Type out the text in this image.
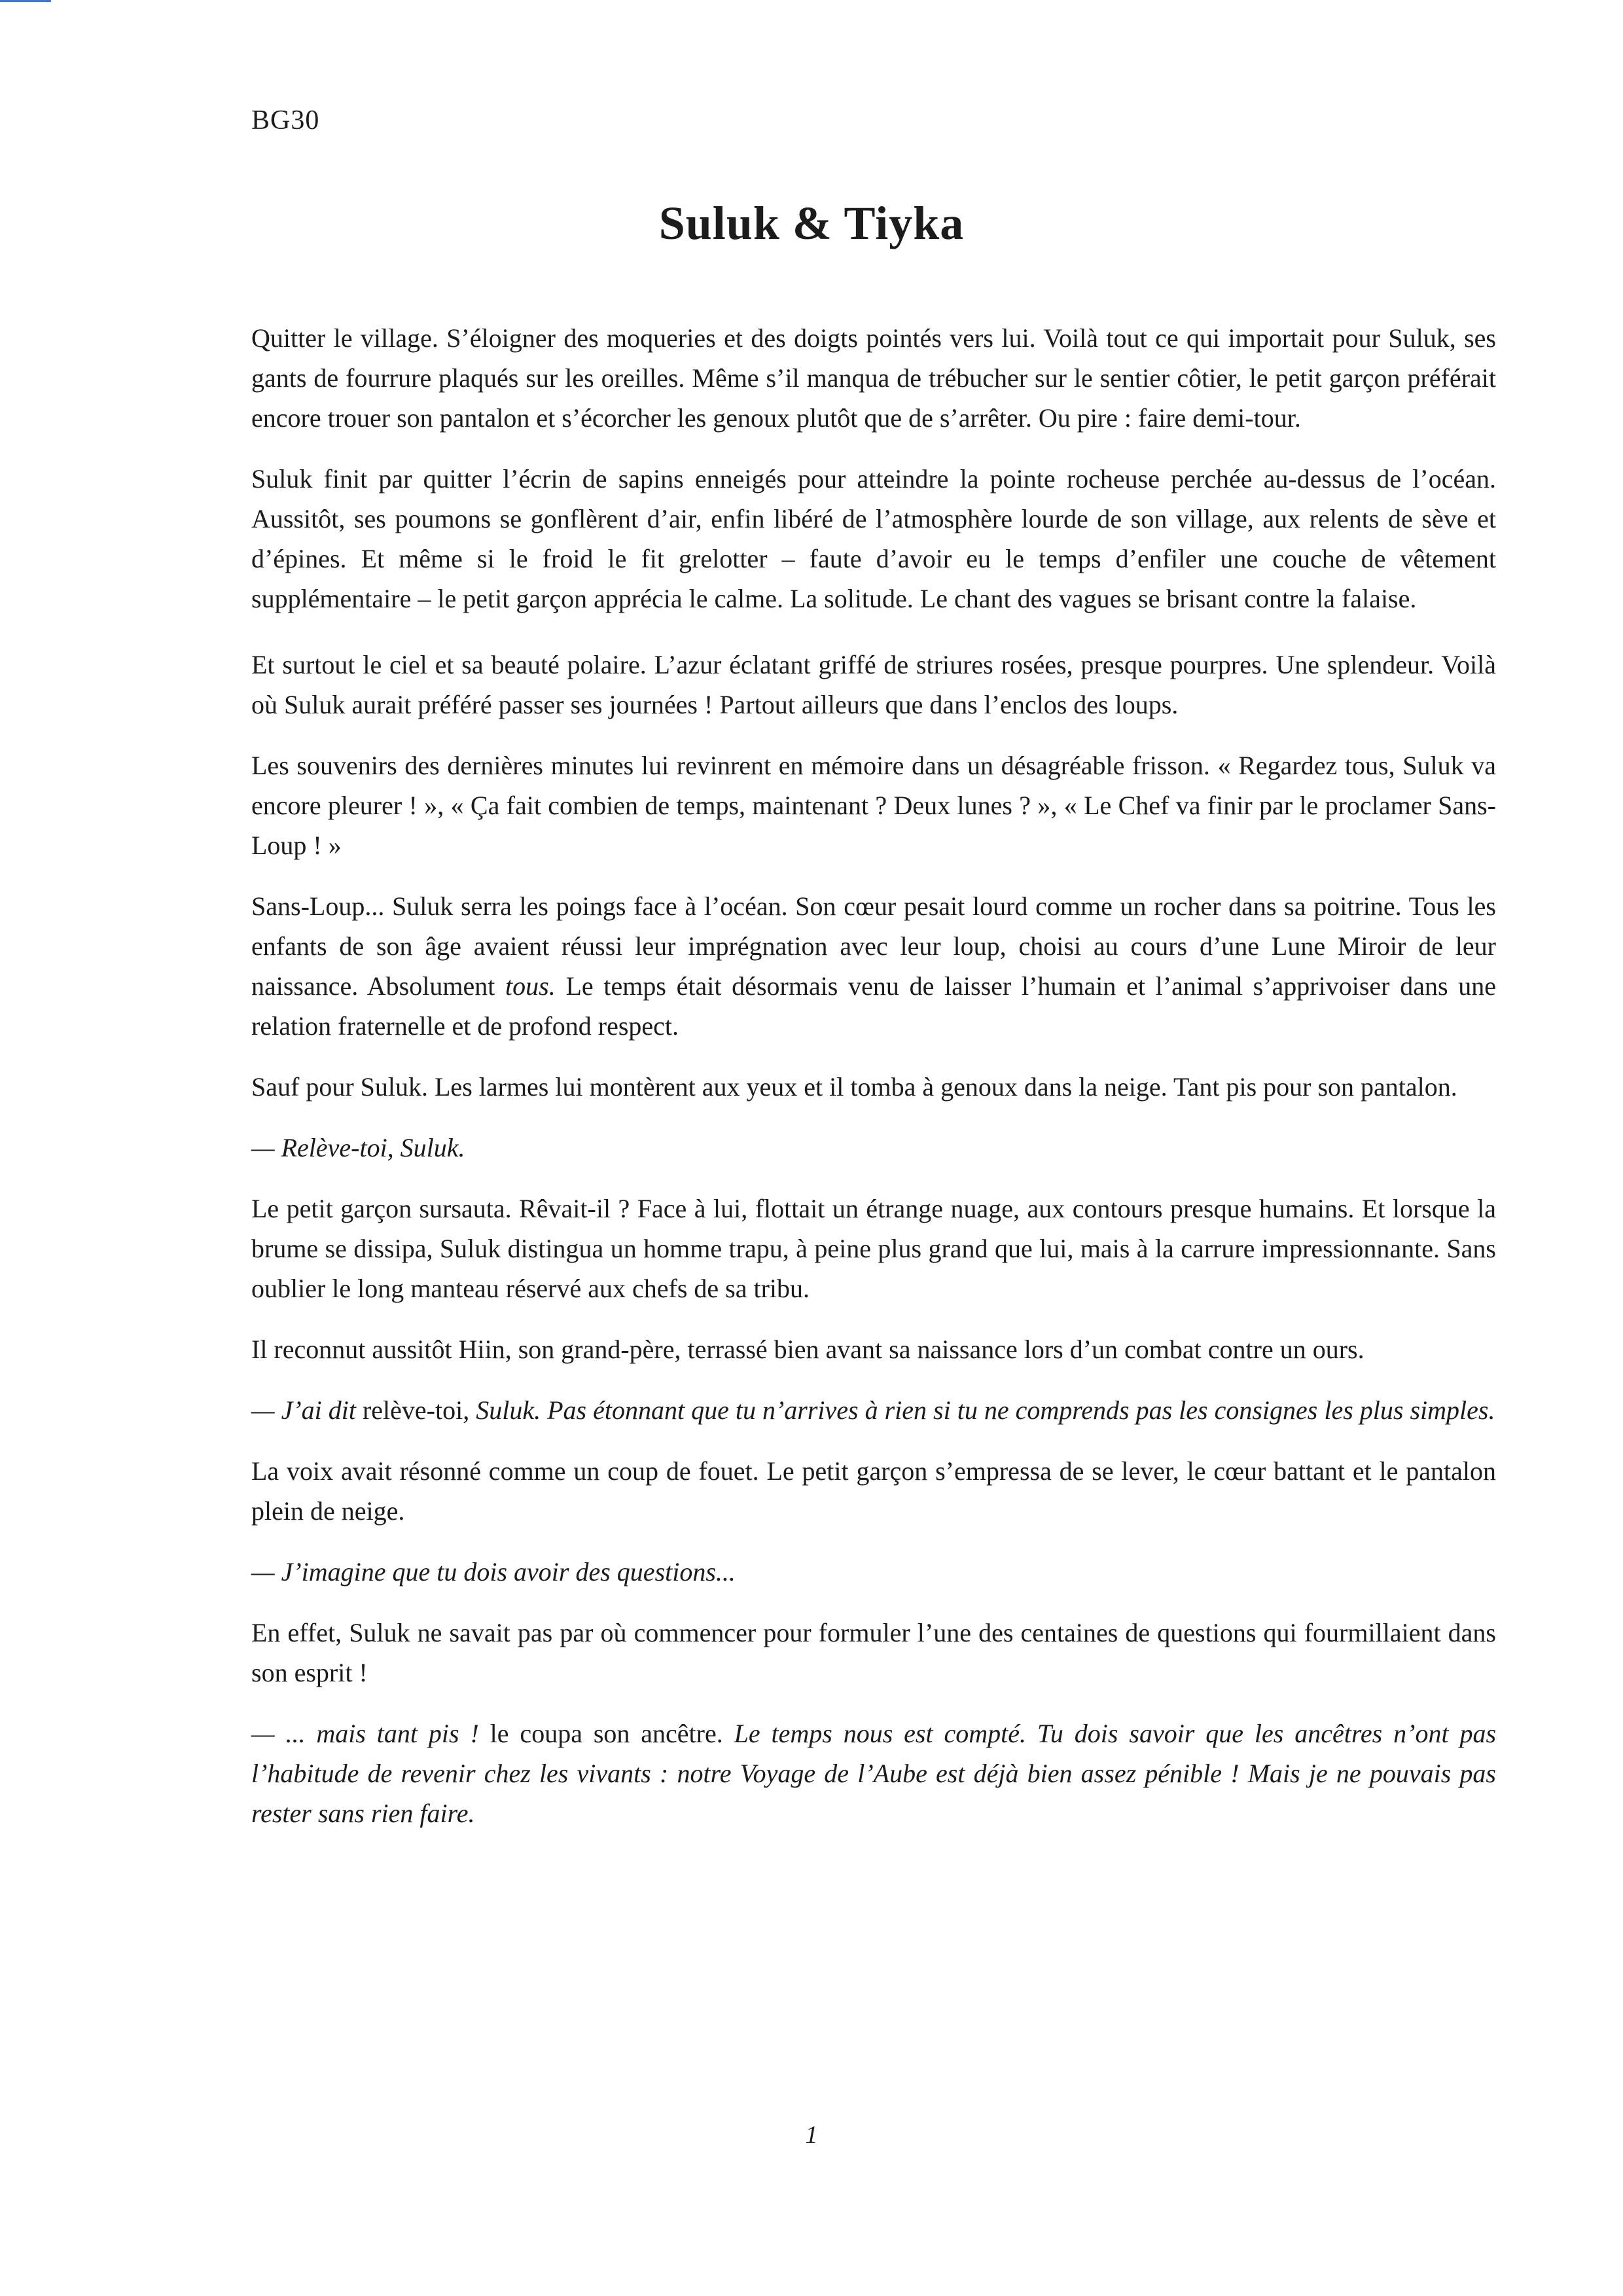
BG30
Suluk & Tiyka

Quitter le village. S’éloigner des moqueries et des doigts pointés vers lui. Voilà tout ce qui importait pour Suluk, ses gants de fourrure plaqués sur les oreilles. Même s’il manqua de trébucher sur le sentier côtier, le petit garçon préférait encore trouer son pantalon et s’écorcher les genoux plutôt que de s’arrêter. Ou pire : faire demi-tour.

Suluk finit par quitter l’écrin de sapins enneigés pour atteindre la pointe rocheuse perchée au-dessus de l’océan. Aussitôt, ses poumons se gonflèrent d’air, enfin libéré de l’atmosphère lourde de son village, aux relents de sève et d’épines. Et même si le froid le fit grelotter – faute d’avoir eu le temps d’enfiler une couche de vêtement supplémentaire – le petit garçon apprécia le calme. La solitude. Le chant des vagues se brisant contre la falaise.

Et surtout le ciel et sa beauté polaire. L’azur éclatant griffé de striures rosées, presque pourpres. Une splendeur. Voilà où Suluk aurait préféré passer ses journées ! Partout ailleurs que dans l’enclos des loups.

Les souvenirs des dernières minutes lui revinrent en mémoire dans un désagréable frisson. « Regardez tous, Suluk va encore pleurer ! », « Ça fait combien de temps, maintenant ? Deux lunes ? », « Le Chef va finir par le proclamer Sans-Loup ! »

Sans-Loup... Suluk serra les poings face à l’océan. Son cœur pesait lourd comme un rocher dans sa poitrine. Tous les enfants de son âge avaient réussi leur imprégnation avec leur loup, choisi au cours d’une Lune Miroir de leur naissance. Absolument tous. Le temps était désormais venu de laisser l’humain et l’animal s’apprivoiser dans une relation fraternelle et de profond respect.

Sauf pour Suluk. Les larmes lui montèrent aux yeux et il tomba à genoux dans la neige. Tant pis pour son pantalon.

— Relève-toi, Suluk.

Le petit garçon sursauta. Rêvait-il ? Face à lui, flottait un étrange nuage, aux contours presque humains. Et lorsque la brume se dissipa, Suluk distingua un homme trapu, à peine plus grand que lui, mais à la carrure impressionnante. Sans oublier le long manteau réservé aux chefs de sa tribu.

Il reconnut aussitôt Hiin, son grand-père, terrassé bien avant sa naissance lors d’un combat contre un ours.

— J’ai dit relève-toi, Suluk. Pas étonnant que tu n’arrives à rien si tu ne comprends pas les consignes les plus simples.

La voix avait résonné comme un coup de fouet. Le petit garçon s’empressa de se lever, le cœur battant et le pantalon plein de neige.

— J’imagine que tu dois avoir des questions...

En effet, Suluk ne savait pas par où commencer pour formuler l’une des centaines de questions qui fourmillaient dans son esprit !

— ... mais tant pis ! le coupa son ancêtre. Le temps nous est compté. Tu dois savoir que les ancêtres n’ont pas l’habitude de revenir chez les vivants : notre Voyage de l’Aube est déjà bien assez pénible ! Mais je ne pouvais pas rester sans rien faire.

1
